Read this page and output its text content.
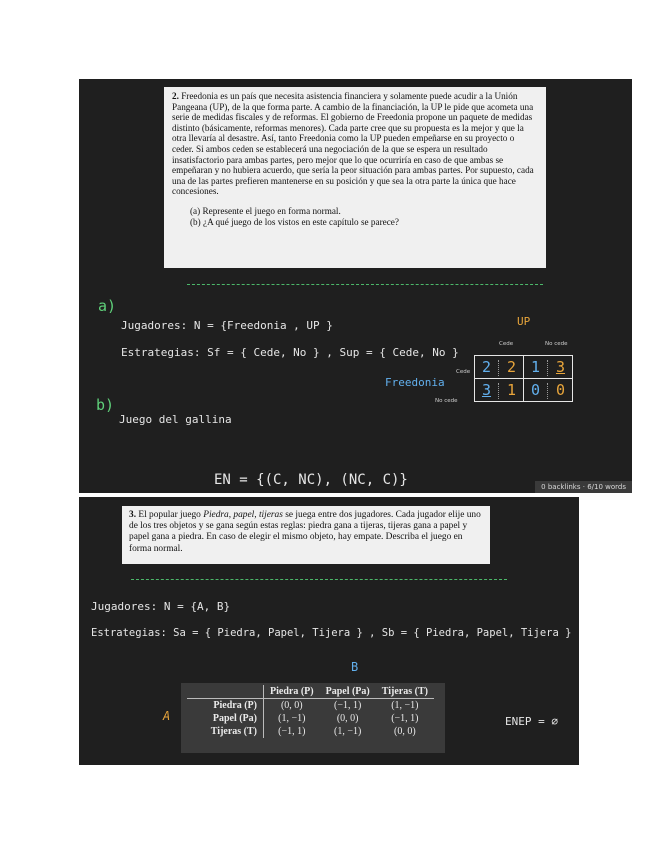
2. Freedonia es un país que necesita asistencia financiera y solamente puede acudir a la Unión Pangeana (UP), de la que forma parte. A cambio de la financiación, la UP le pide que acometa una serie de medidas fiscales y de reformas. El gobierno de Freedonia propone un paquete de medidas distinto (básicamente, reformas menores). Cada parte cree que su propuesta es la mejor y que la otra llevaría al desastre. Así, tanto Freedonia como la UP pueden empeñarse en su proyecto o ceder. Si ambos ceden se establecerá una negociación de la que se espera un resultado insatisfactorio para ambas partes, pero mejor que lo que ocurriría en caso de que ambas se empeñaran y no hubiera acuerdo, que sería la peor situación para ambas partes. Por supuesto, cada una de las partes prefieren mantenerse en su posición y que sea la otra parte la única que hace concesiones.

(a) Represente el juego en forma normal.

(b) ¿A qué juego de los vistos en este capítulo se parece?

a)
Jugadores: N = {Freedonia , UP }
Estrategias: Sf = { Cede, No } , Sup = { Cede, No }
b)
Juego del gallina
EN = {(C, NC), (NC, C)}
UP
Cede	No cede
Freedonia
Cede
No cede
2 2	1 3
3 1	0 0
0 backlinks · 6/10 words

3. El popular juego Piedra, papel, tijeras se juega entre dos jugadores. Cada jugador elije uno de los tres objetos y se gana según estas reglas: piedra gana a tijeras, tijeras gana a papel y papel gana a piedra. En caso de elegir el mismo objeto, hay empate. Describa el juego en forma normal.

Jugadores: N = {A, B}
Estrategias: Sa = { Piedra, Papel, Tijera } , Sb = { Piedra, Papel, Tijera }
B
A
	Piedra (P)	Papel (Pa)	Tijeras (T)
Piedra (P)	(0, 0)	(−1, 1)	(1, −1)
Papel (Pa)	(1, −1)	(0, 0)	(−1, 1)
Tijeras (T)	(−1, 1)	(1, −1)	(0, 0)
ENEP = ∅
